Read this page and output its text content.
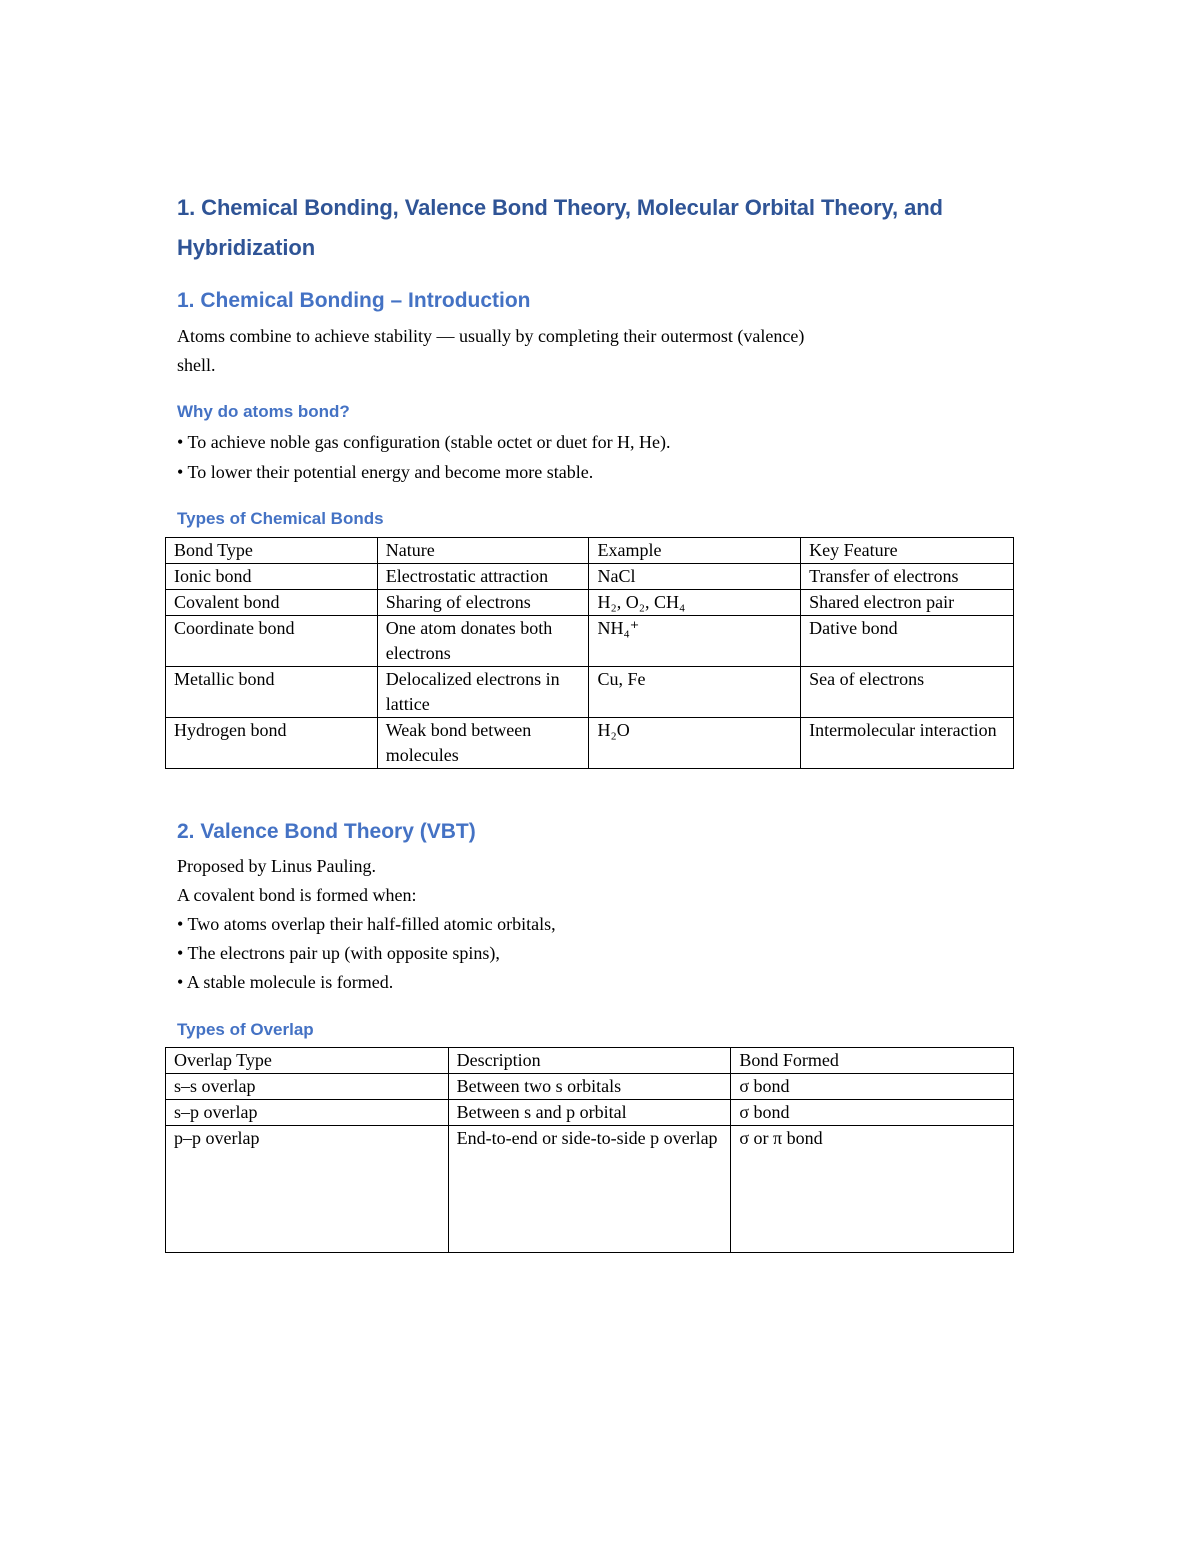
1. Chemical Bonding, Valence Bond Theory, Molecular Orbital Theory, and Hybridization

1. Chemical Bonding – Introduction

Atoms combine to achieve stability — usually by completing their outermost (valence)

shell.

Why do atoms bond?

• To achieve noble gas configuration (stable octet or duet for H, He).

• To lower their potential energy and become more stable.

Types of Chemical Bonds

Bond Type	Nature	Example	Key Feature
Ionic bond	Electrostatic attraction	NaCl	Transfer of electrons
Covalent bond	Sharing of electrons	H₂, O₂, CH₄	Shared electron pair
Coordinate bond	One atom donates both electrons	NH₄⁺	Dative bond
Metallic bond	Delocalized electrons in lattice	Cu, Fe	Sea of electrons
Hydrogen bond	Weak bond between molecules	H₂O	Intermolecular interaction

2. Valence Bond Theory (VBT)

Proposed by Linus Pauling.

A covalent bond is formed when:

• Two atoms overlap their half-filled atomic orbitals,

• The electrons pair up (with opposite spins),

• A stable molecule is formed.

Types of Overlap

Overlap Type	Description	Bond Formed
s–s overlap	Between two s orbitals	σ bond
s–p overlap	Between s and p orbital	σ bond
p–p overlap	End-to-end or side-to-side p overlap	σ or π bond
